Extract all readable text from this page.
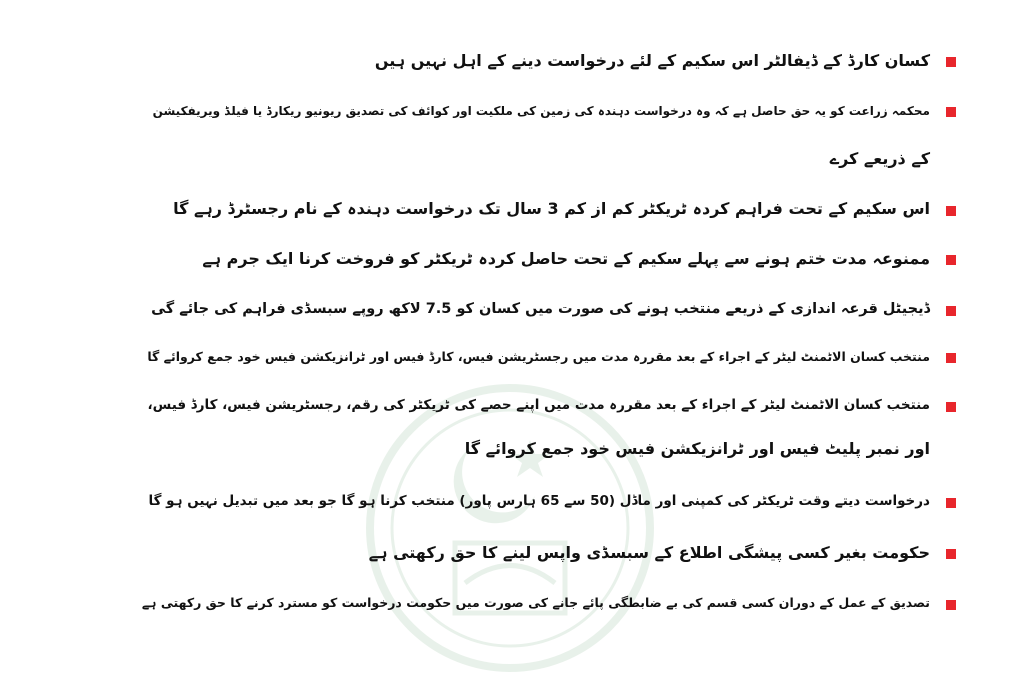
کسان کارڈ کے ڈیفالٹر اس سکیم کے لئے درخواست دینے کے اہل نہیں ہیں
محکمہ زراعت کو یہ حق حاصل ہے کہ وہ درخواست دہندہ کی زمین کی ملکیت اور کوائف کی تصدیق ریونیو ریکارڈ یا فیلڈ ویریفکیشن
کے ذریعے کرے
اس سکیم کے تحت فراہم کردہ ٹریکٹر کم از کم 3 سال تک درخواست دہندہ کے نام رجسٹرڈ رہے گا
ممنوعہ مدت ختم ہونے سے پہلے سکیم کے تحت حاصل کردہ ٹریکٹر کو فروخت کرنا ایک جرم ہے
ڈیجیٹل قرعہ اندازی کے ذریعے منتخب ہونے کی صورت میں کسان کو 7.5 لاکھ روپے سبسڈی فراہم کی جائے گی
منتخب کسان الاٹمنٹ لیٹر کے اجراء کے بعد مقررہ مدت میں رجسٹریشن فیس، کارڈ فیس اور ٹرانزیکشن فیس خود جمع کروائے گا
منتخب کسان الاٹمنٹ لیٹر کے اجراء کے بعد مقررہ مدت میں اپنے حصے کی ٹریکٹر کی رقم، رجسٹریشن فیس، کارڈ فیس،
اور نمبر پلیٹ فیس اور ٹرانزیکشن فیس خود جمع کروائے گا
درخواست دیتے وقت ٹریکٹر کی کمپنی اور ماڈل (50 سے 65 ہارس پاور) منتخب کرنا ہو گا جو بعد میں تبدیل نہیں ہو گا
حکومت بغیر کسی پیشگی اطلاع کے سبسڈی واپس لینے کا حق رکھتی ہے
تصدیق کے عمل کے دوران کسی قسم کی بے ضابطگی پائے جانے کی صورت میں حکومت درخواست کو مسترد کرنے کا حق رکھتی ہے
